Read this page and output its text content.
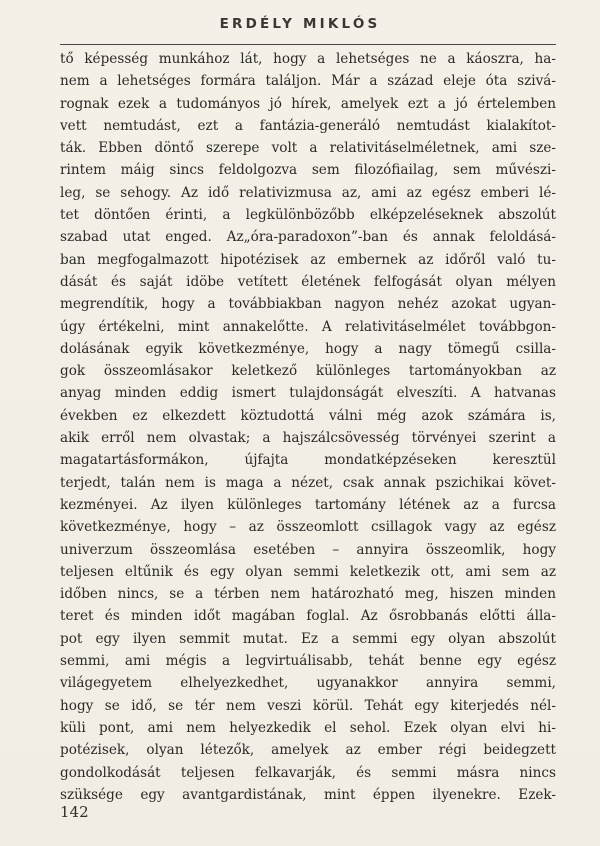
ERDÉLY MIKLÓS
tő képesség munkához lát, hogy a lehetséges ne a káoszra, ha-
nem a lehetséges formára találjon. Már a század eleje óta szivá-
rognak ezek a tudományos jó hírek, amelyek ezt a jó értelemben
vett nemtudást, ezt a fantázia-generáló nemtudást kialakítot-
ták. Ebben döntő szerepe volt a relativitáselméletnek, ami sze-
rintem máig sincs feldolgozva sem filozófiailag, sem művészi-
leg, se sehogy. Az idő relativizmusa az, ami az egész emberi lé-
tet döntően érinti, a legkülönbözőbb elképzeléseknek abszolút
szabad utat enged. Az„óra-paradoxon”-ban és annak feloldásá-
ban megfogalmazott hipotézisek az embernek az időről való tu-
dását és saját idöbe vetített életének felfogását olyan mélyen
megrendítik, hogy a továbbiakban nagyon nehéz azokat ugyan-
úgy értékelni, mint annakelőtte. A relativitáselmélet továbbgon-
dolásának egyik következménye, hogy a nagy tömegű csilla-
gok összeomlásakor keletkező különleges tartományokban az
anyag minden eddig ismert tulajdonságát elveszíti. A hatvanas
években ez elkezdett köztudottá válni még azok számára is,
akik erről nem olvastak; a hajszálcsövesség törvényei szerint a
magatartásformákon, újfajta mondatképzéseken keresztül
terjedt, talán nem is maga a nézet, csak annak pszichikai követ-
kezményei. Az ilyen különleges tartomány létének az a furcsa
következménye, hogy – az összeomlott csillagok vagy az egész
univerzum összeomlása esetében – annyira összeomlik, hogy
teljesen eltűnik és egy olyan semmi keletkezik ott, ami sem az
időben nincs, se a térben nem határozható meg, hiszen minden
teret és minden időt magában foglal. Az ősrobbanás előtti álla-
pot egy ilyen semmit mutat. Ez a semmi egy olyan abszolút
semmi, ami mégis a legvirtuálisabb, tehát benne egy egész
világegyetem elhelyezkedhet, ugyanakkor annyira semmi,
hogy se idő, se tér nem veszi körül. Tehát egy kiterjedés nél-
küli pont, ami nem helyezkedik el sehol. Ezek olyan elvi hi-
potézisek, olyan létezők, amelyek az ember régi beidegzett
gondolkodását teljesen felkavarják, és semmi másra nincs
szüksége egy avantgardistának, mint éppen ilyenekre. Ezek-
142
